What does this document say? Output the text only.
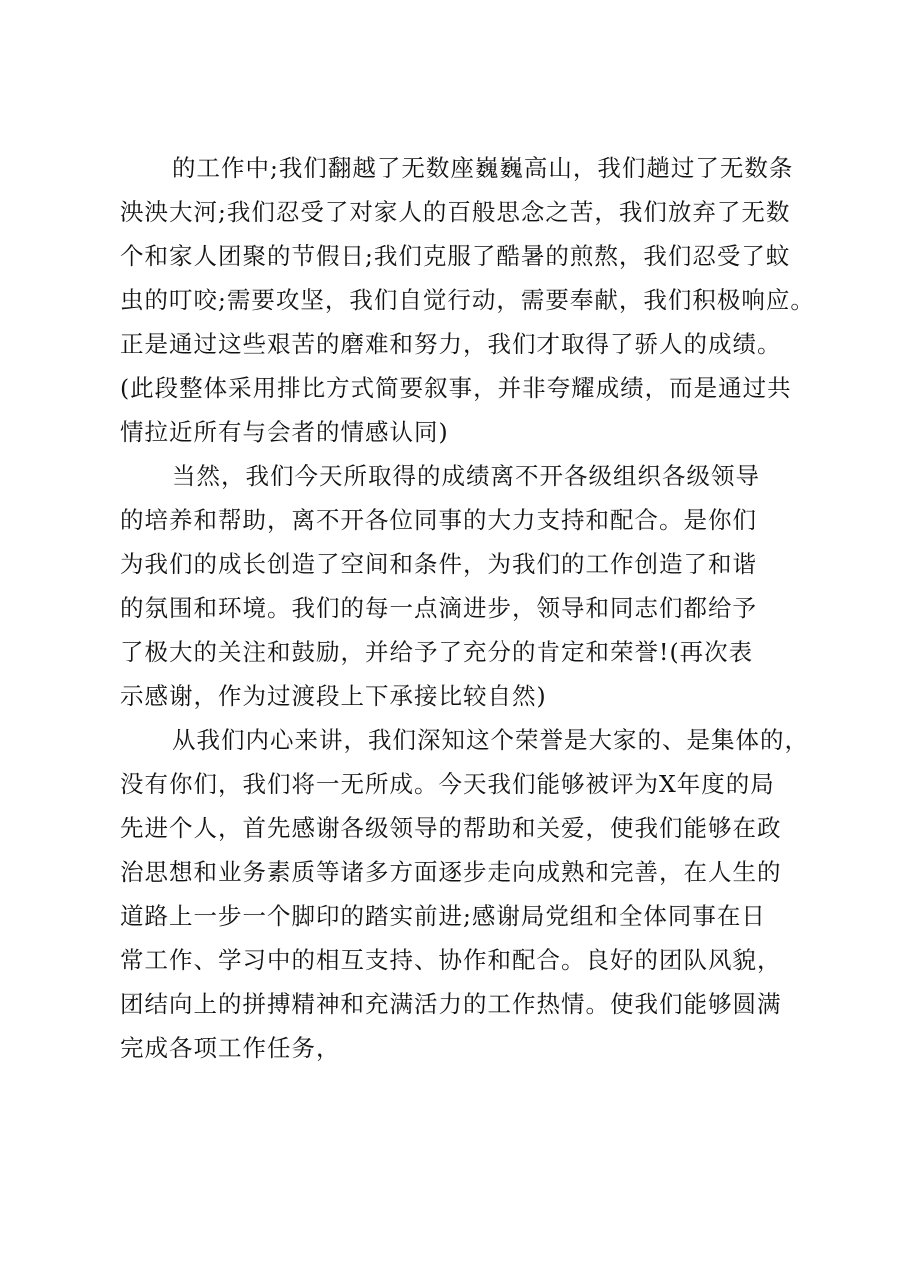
的工作中;我们翻越了无数座巍巍高山，我们趟过了无数条
泱泱大河;我们忍受了对家人的百般思念之苦，我们放弃了无数
个和家人团聚的节假日;我们克服了酷暑的煎熬，我们忍受了蚊
虫的叮咬;需要攻坚，我们自觉行动，需要奉献，我们积极响应。
正是通过这些艰苦的磨难和努力，我们才取得了骄人的成绩。
(此段整体采用排比方式简要叙事，并非夸耀成绩，而是通过共
情拉近所有与会者的情感认同)
当然，我们今天所取得的成绩离不开各级组织各级领导
的培养和帮助，离不开各位同事的大力支持和配合。是你们
为我们的成长创造了空间和条件，为我们的工作创造了和谐
的氛围和环境。我们的每一点滴进步，领导和同志们都给予
了极大的关注和鼓励，并给予了充分的肯定和荣誉!(再次表
示感谢，作为过渡段上下承接比较自然)
从我们内心来讲，我们深知这个荣誉是大家的、是集体的，
没有你们，我们将一无所成。今天我们能够被评为X年度的局
先进个人，首先感谢各级领导的帮助和关爱，使我们能够在政
治思想和业务素质等诸多方面逐步走向成熟和完善，在人生的
道路上一步一个脚印的踏实前进;感谢局党组和全体同事在日
常工作、学习中的相互支持、协作和配合。良好的团队风貌，
团结向上的拼搏精神和充满活力的工作热情。使我们能够圆满
完成各项工作任务，
